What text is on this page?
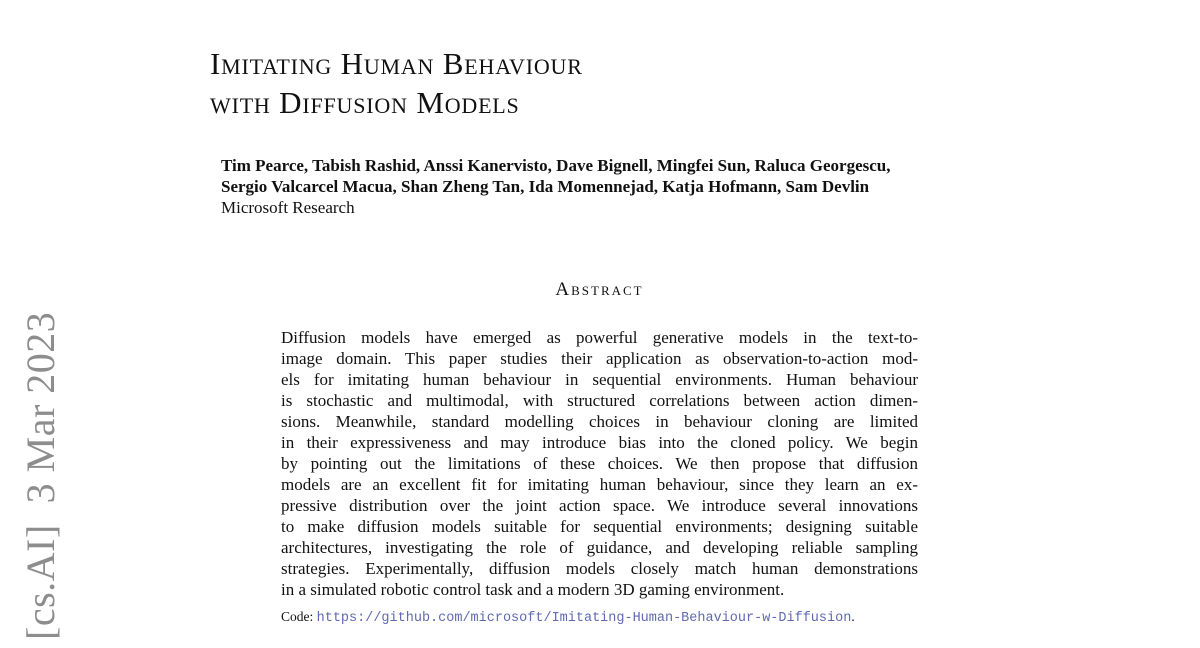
[cs.AI]  3 Mar 2023
Imitating Human Behaviour
with Diffusion Models
Tim Pearce, Tabish Rashid, Anssi Kanervisto, Dave Bignell, Mingfei Sun, Raluca Georgescu,
Sergio Valcarcel Macua, Shan Zheng Tan, Ida Momennejad, Katja Hofmann, Sam Devlin
Microsoft Research
Abstract
Diffusion models have emerged as powerful generative models in the text-to-
image domain. This paper studies their application as observation-to-action mod-
els for imitating human behaviour in sequential environments. Human behaviour
is stochastic and multimodal, with structured correlations between action dimen-
sions. Meanwhile, standard modelling choices in behaviour cloning are limited
in their expressiveness and may introduce bias into the cloned policy. We begin
by pointing out the limitations of these choices. We then propose that diffusion
models are an excellent fit for imitating human behaviour, since they learn an ex-
pressive distribution over the joint action space. We introduce several innovations
to make diffusion models suitable for sequential environments; designing suitable
architectures, investigating the role of guidance, and developing reliable sampling
strategies. Experimentally, diffusion models closely match human demonstrations
in a simulated robotic control task and a modern 3D gaming environment.
Code: https://github.com/microsoft/Imitating-Human-Behaviour-w-Diffusion.
